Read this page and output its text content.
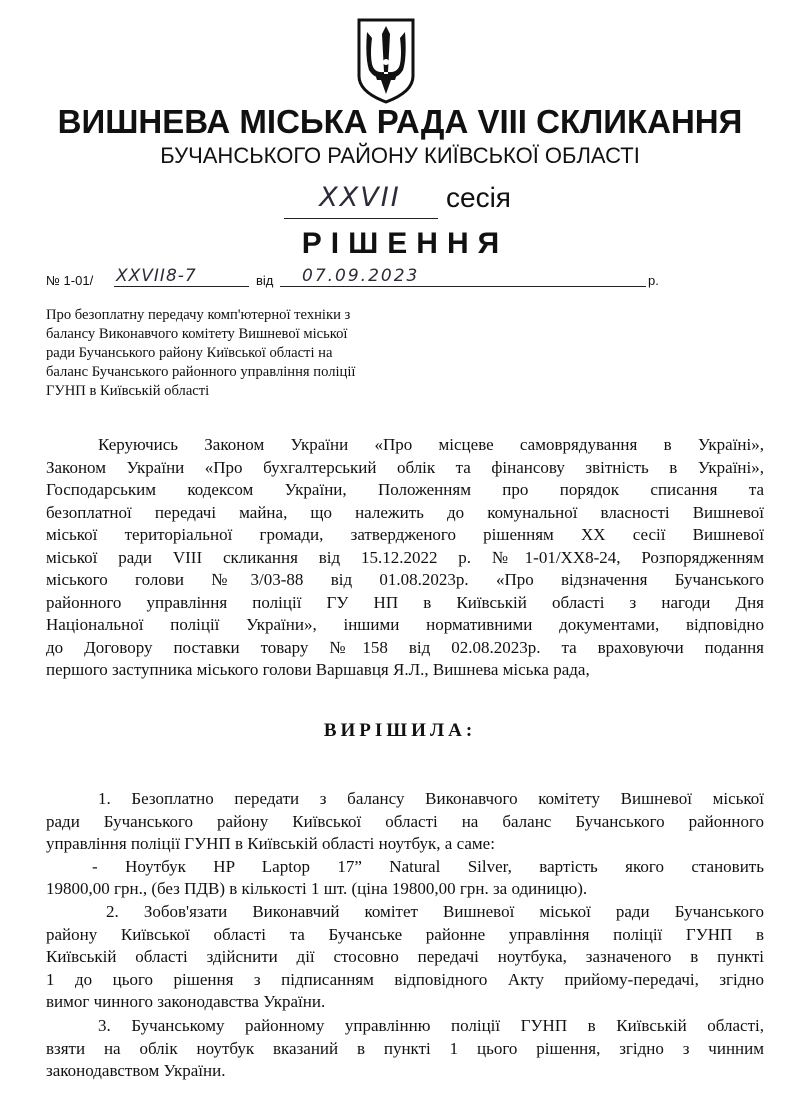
ВИШНЕВА МІСЬКА РАДА VIII СКЛИКАННЯ
БУЧАНСЬКОГО РАЙОНУ КИЇВСЬКОЇ ОБЛАСТІ
XXVII	сесія
РІШЕННЯ
№ 1-01/ XXVII8-7	від 07.09.2023	р.
Про безоплатну передачу комп'ютерної техніки з
балансу Виконавчого комітету Вишневої міської
ради Бучанського району Київської області на
баланс Бучанського районного управління поліції
ГУНП в Київській області
Керуючись Законом України «Про місцеве самоврядування в Україні»,
Законом України «Про бухгалтерський облік та фінансову звітність в Україні»,
Господарським кодексом України, Положенням про порядок списання та
безоплатної передачі майна, що належить до комунальної власності Вишневої
міської територіальної громади, затвердженого рішенням XX сесії Вишневої
міської ради VIII скликання від 15.12.2022 р. №1-01/XX8-24, Розпорядженням
міського голови №3/03-88 від 01.08.2023р. «Про відзначення Бучанського
районного управління поліції ГУ НП в Київській області з нагоди Дня
Національної поліції України», іншими нормативними документами, відповідно
до Договору поставки товару №158 від 02.08.2023р. та враховуючи подання
першого заступника міського голови Варшавця Я.Л., Вишнева міська рада,
ВИРІШИЛА:
1. Безоплатно передати з балансу Виконавчого комітету Вишневої міської
ради Бучанського району Київської області на баланс Бучанського районного
управління поліції ГУНП в Київській області ноутбук, а саме:
- Ноутбук HP Laptop 17” Natural Silver, вартість якого становить
19800,00 грн., (без ПДВ) в кількості 1 шт. (ціна 19800,00 грн. за одиницю).
2. Зобов'язати Виконавчий комітет Вишневої міської ради Бучанського
району Київської області та Бучанське районне управління поліції ГУНП в
Київській області здійснити дії стосовно передачі ноутбука, зазначеного в пункті
1 до цього рішення з підписанням відповідного Акту прийому-передачі, згідно
вимог чинного законодавства України.
3. Бучанському районному управлінню поліції ГУНП в Київській області,
взяти на облік ноутбук вказаний в пункті 1 цього рішення, згідно з чинним
законодавством України.
